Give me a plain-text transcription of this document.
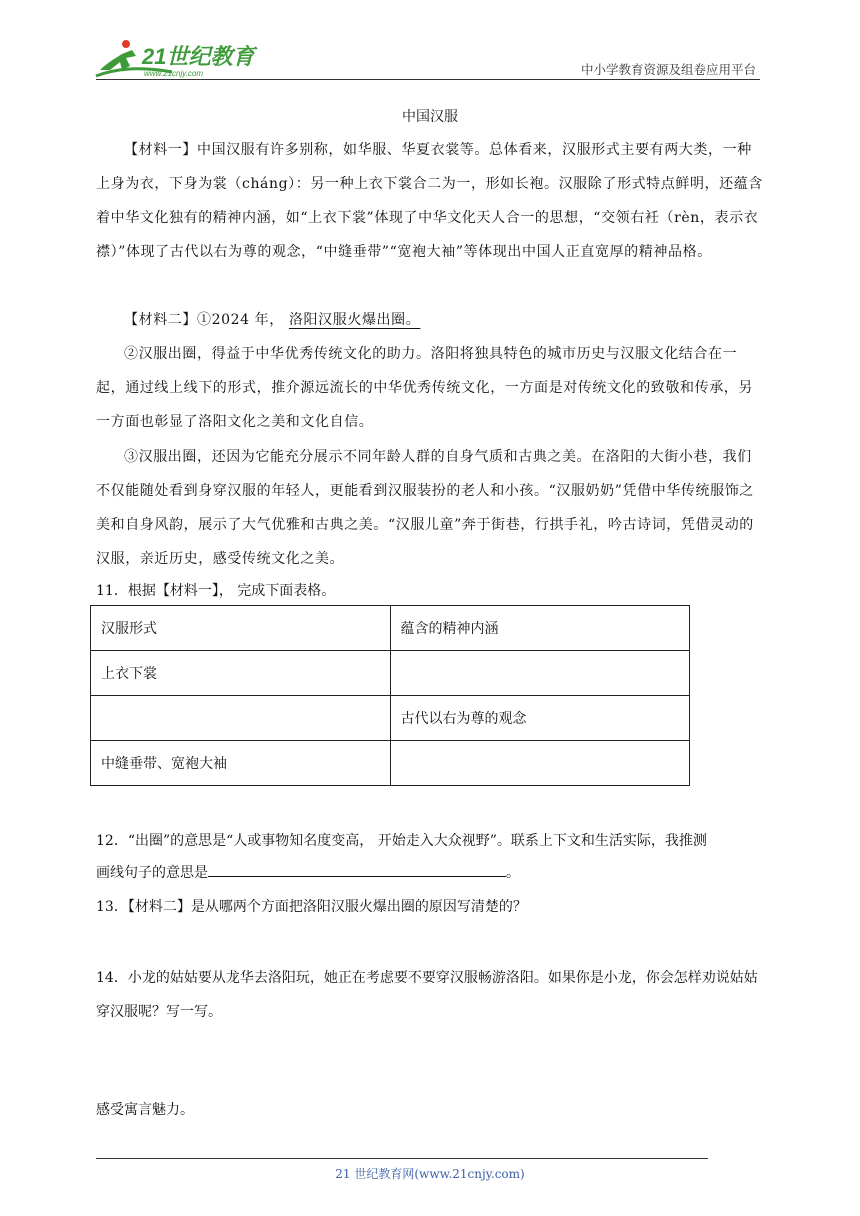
21世纪教育
www.21cnjy.com	中小学教育资源及组卷应用平台
中国汉服
【材料一】中国汉服有许多别称，如华服、华夏衣裳等。总体看来，汉服形式主要有两大类，一种上身为衣，下身为裳（cháng）：另一种上衣下裳合二为一，形如长袍。汉服除了形式特点鲜明，还蕴含着中华文化独有的精神内涵，如“上衣下裳”体现了中华文化天人合一的思想，“交领右衽（rèn，表示衣襟）”体现了古代以右为尊的观念，“中缝垂带”“宽袍大袖”等体现出中国人正直宽厚的精神品格。
【材料二】①2024 年， 洛阳汉服火爆出圈。
②汉服出圈，得益于中华优秀传统文化的助力。洛阳将独具特色的城市历史与汉服文化结合在一起，通过线上线下的形式，推介源远流长的中华优秀传统文化，一方面是对传统文化的致敬和传承，另一方面也彰显了洛阳文化之美和文化自信。
③汉服出圈，还因为它能充分展示不同年龄人群的自身气质和古典之美。在洛阳的大街小巷，我们不仅能随处看到身穿汉服的年轻人，更能看到汉服装扮的老人和小孩。“汉服奶奶”凭借中华传统服饰之美和自身风韵，展示了大气优雅和古典之美。“汉服儿童”奔于街巷，行拱手礼，吟古诗词，凭借灵动的汉服，亲近历史，感受传统文化之美。
11．根据【材料一】， 完成下面表格。
汉服形式	蕴含的精神内涵
上衣下裳	
	古代以右为尊的观念
中缝垂带、宽袍大袖	
12．“出圈”的意思是“人或事物知名度变高， 开始走入大众视野”。联系上下文和生活实际，我推测
画线句子的意思是	。
13．【材料二】是从哪两个方面把洛阳汉服火爆出圈的原因写清楚的？
14．小龙的姑姑要从龙华去洛阳玩，她正在考虑要不要穿汉服畅游洛阳。如果你是小龙，你会怎样劝说姑姑穿汉服呢？写一写。
感受寓言魅力。
21 世纪教育网(www.21cnjy.com)
